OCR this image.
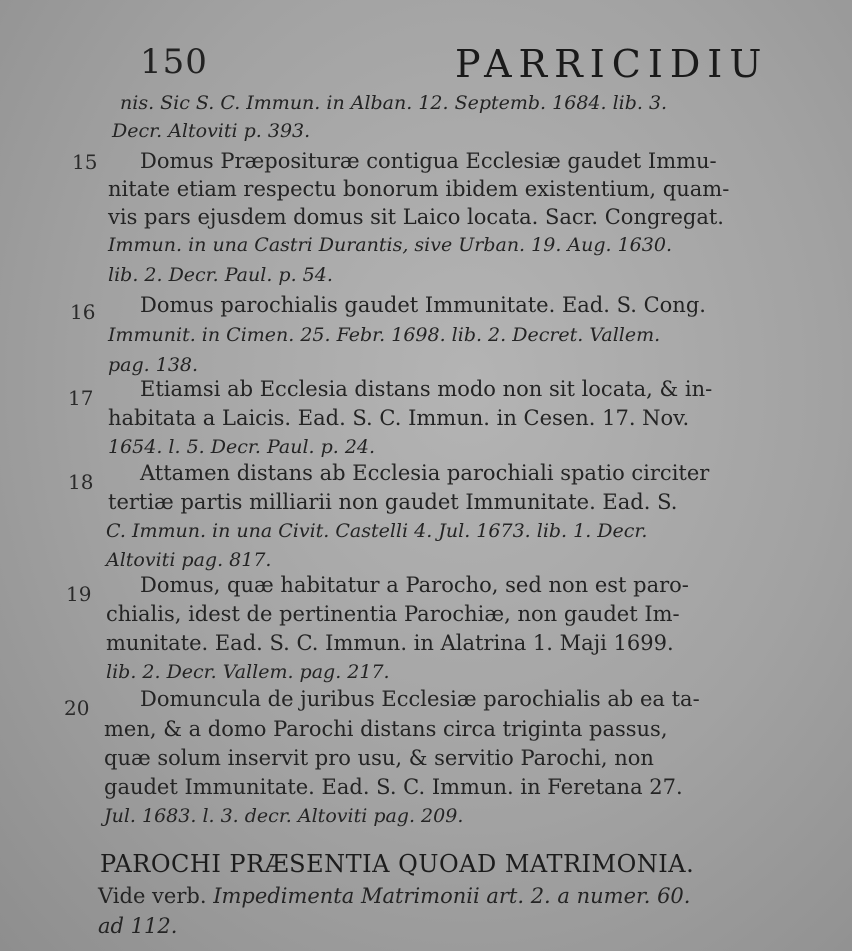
150	PARRICIDIU
nis. Sic S. C. Immun. in Alban. 12. Septemb. 1684. lib. 3.
Decr. Altoviti p. 393.
15 Domus Præposituræ contigua Ecclesiæ gaudet Immu-
nitate etiam respectu bonorum ibidem existentium, quam-
vis pars ejusdem domus sit Laico locata. Sacr. Congregat.
Immun. in una Castri Durantis, sive Urban. 19. Aug. 1630.
lib. 2. Decr. Paul. p. 54.
16 Domus parochialis gaudet Immunitate. Ead. S. Cong.
Immunit. in Cimen. 25. Febr. 1698. lib. 2. Decret. Vallem.
pag. 138.
17 Etiamsi ab Ecclesia distans modo non sit locata, & in-
habitata a Laicis. Ead. S. C. Immun. in Cesen. 17. Nov.
1654. l. 5. Decr. Paul. p. 24.
18 Attamen distans ab Ecclesia parochiali spatio circiter
tertiæ partis milliarii non gaudet Immunitate. Ead. S.
C. Immun. in una Civit. Castelli 4. Jul. 1673. lib. 1. Decr.
Altoviti pag. 817.
19 Domus, quæ habitatur a Parocho, sed non est paro-
chialis, idest de pertinentia Parochiæ, non gaudet Im-
munitate. Ead. S. C. Immun. in Alatrina 1. Maji 1699.
lib. 2. Decr. Vallem. pag. 217.
20 Domuncula de juribus Ecclesiæ parochialis ab ea ta-
men, & a domo Parochi distans circa triginta passus,
quæ solum inservit pro usu, & servitio Parochi, non
gaudet Immunitate. Ead. S. C. Immun. in Feretana 27.
Jul. 1683. l. 3. decr. Altoviti pag. 209.
PAROCHI PRÆSENTIA QUOAD MATRIMONIA.
Vide verb. Impedimenta Matrimonii art. 2. a numer. 60.
ad 112.
